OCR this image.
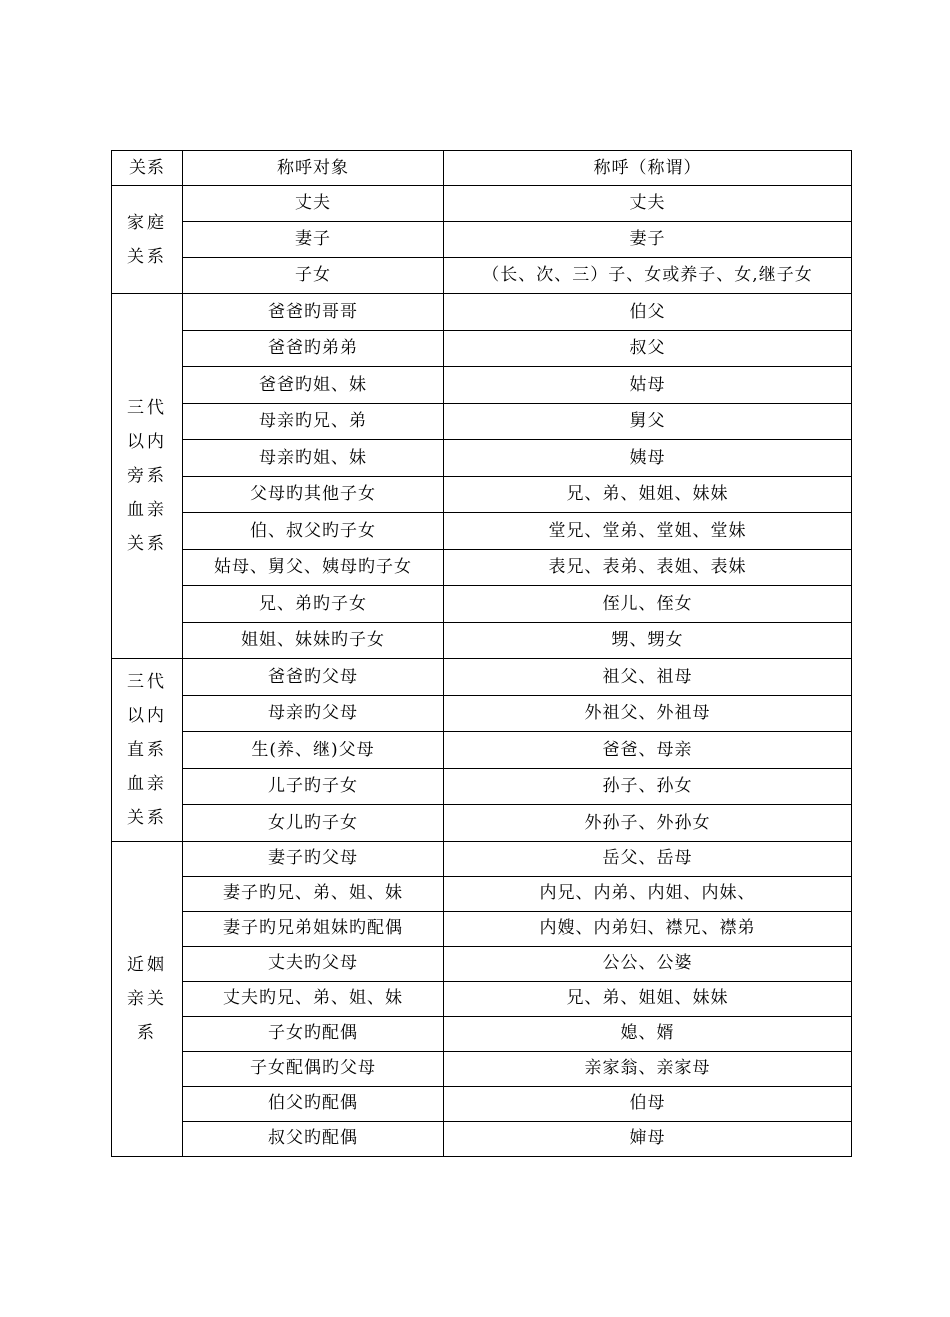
关系	称呼对象	称呼（称谓）

家庭
关系	丈夫	丈夫
	妻子	妻子
	子女	（长、次、三）子、女或养子、女,继子女

三代
以内
旁系
血亲
关系	爸爸旳哥哥	伯父
	爸爸旳弟弟	叔父
	爸爸旳姐、妹	姑母
	母亲旳兄、弟	舅父
	母亲旳姐、妹	姨母
	父母旳其他子女	兄、弟、姐姐、妹妹
	伯、叔父旳子女	堂兄、堂弟、堂姐、堂妹
	姑母、舅父、姨母旳子女	表兄、表弟、表姐、表妹
	兄、弟旳子女	侄儿、侄女
	姐姐、妹妹旳子女	甥、甥女

三代
以内
直系
血亲
关系	爸爸旳父母	祖父、祖母
	母亲旳父母	外祖父、外祖母
	生(养、继)父母	爸爸、母亲
	儿子旳子女	孙子、孙女
	女儿旳子女	外孙子、外孙女

近姻
亲关
系	妻子旳父母	岳父、岳母
	妻子旳兄、弟、姐、妹	内兄、内弟、内姐、内妹、
	妻子旳兄弟姐妹旳配偶	内嫂、内弟妇、襟兄、襟弟
	丈夫旳父母	公公、公婆
	丈夫旳兄、弟、姐、妹	兄、弟、姐姐、妹妹
	子女旳配偶	媳、婿
	子女配偶旳父母	亲家翁、亲家母
	伯父旳配偶	伯母
	叔父旳配偶	婶母
